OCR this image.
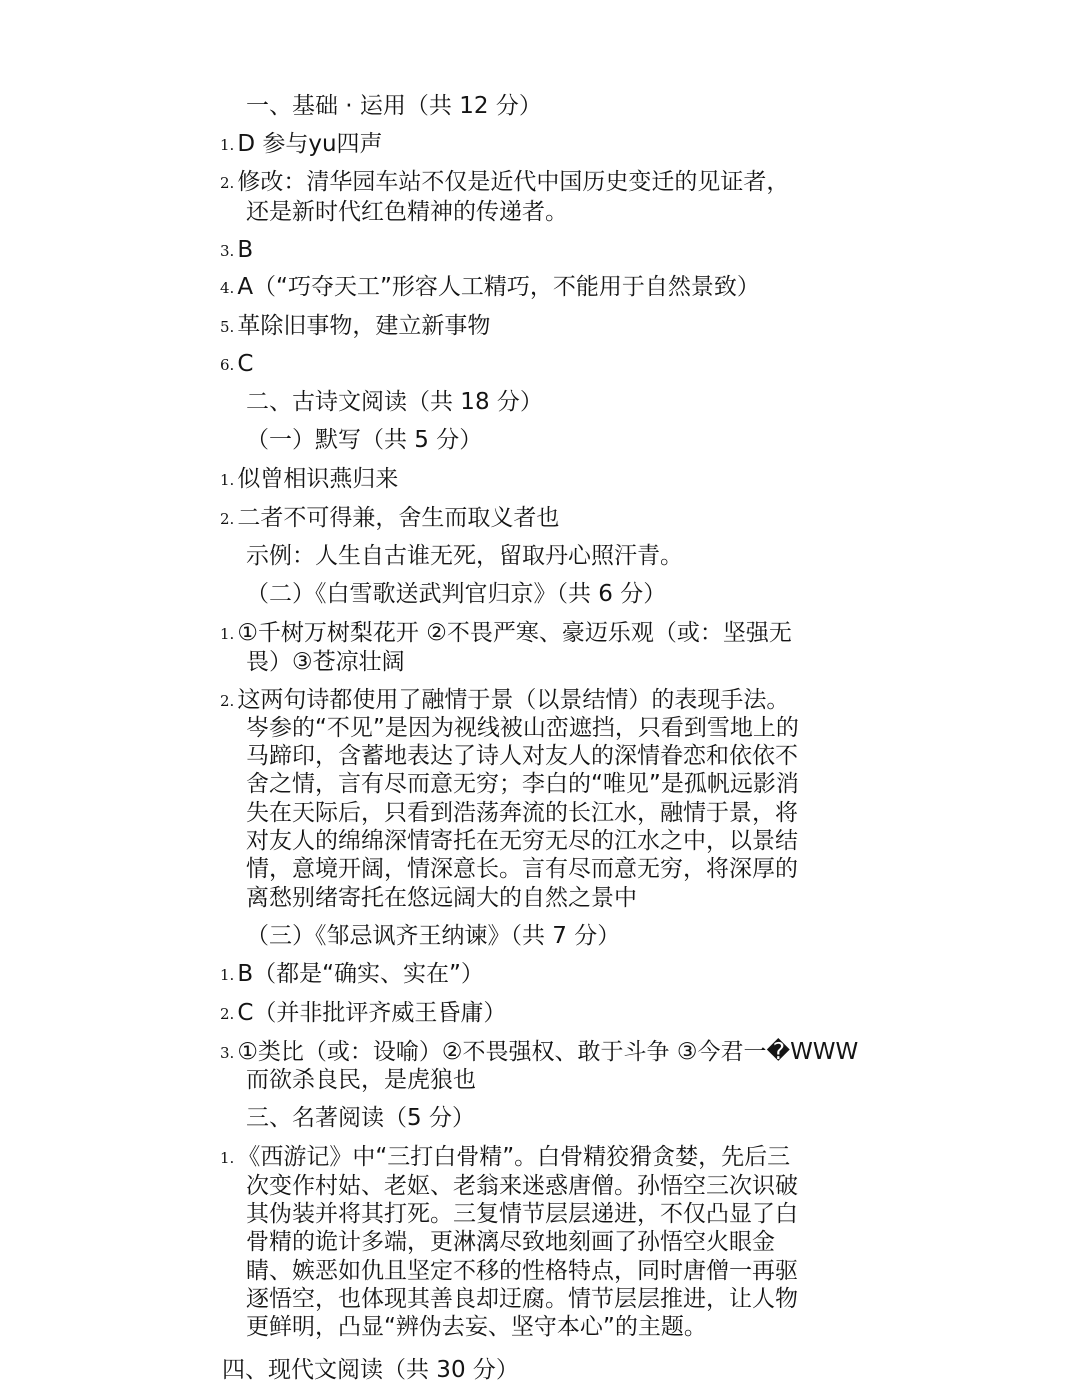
一、基础 · 运用（共 12 分）
1. D 参与yu四声
2. 修改：清华园车站不仅是近代中国历史变迁的见证者，
还是新时代红色精神的传递者。
3. B
4. A（“巧夺天工”形容人工精巧，不能用于自然景致）
5. 革除旧事物，建立新事物
6. C
二、古诗文阅读（共 18 分）
（一）默写（共 5 分）
1. 似曾相识燕归来
2. 二者不可得兼，舍生而取义者也
示例：人生自古谁无死，留取丹心照汗青。
（二）《白雪歌送武判官归京》（共 6 分）
1. ①千树万树梨花开 ②不畏严寒、豪迈乐观（或：坚强无
畏）③苍凉壮阔
2. 这两句诗都使用了融情于景（以景结情）的表现手法。
岑参的“不见”是因为视线被山峦遮挡，只看到雪地上的
马蹄印，含蓄地表达了诗人对友人的深情眷恋和依依不
舍之情，言有尽而意无穷；李白的“唯见”是孤帆远影消
失在天际后，只看到浩荡奔流的长江水，融情于景，将
对友人的绵绵深情寄托在无穷无尽的江水之中，以景结
情，意境开阔，情深意长。言有尽而意无穷，将深厚的
离愁别绪寄托在悠远阔大的自然之景中
（三）《邹忌讽齐王纳谏》（共 7 分）
1. B（都是“确实、实在”）
2. C（并非批评齐威王昏庸）
3. ①类比（或：设喻）②不畏强权、敢于斗争 ③今君一�WWW
而欲杀良民，是虎狼也
三、名著阅读（5 分）
1. 《西游记》中“三打白骨精”。白骨精狡猾贪婪，先后三
次变作村姑、老妪、老翁来迷惑唐僧。孙悟空三次识破
其伪装并将其打死。三复情节层层递进，不仅凸显了白
骨精的诡计多端，更淋漓尽致地刻画了孙悟空火眼金
睛、嫉恶如仇且坚定不移的性格特点，同时唐僧一再驱
逐悟空，也体现其善良却迂腐。情节层层推进，让人物
更鲜明，凸显“辨伪去妄、坚守本心”的主题。
四、现代文阅读（共 30 分）
